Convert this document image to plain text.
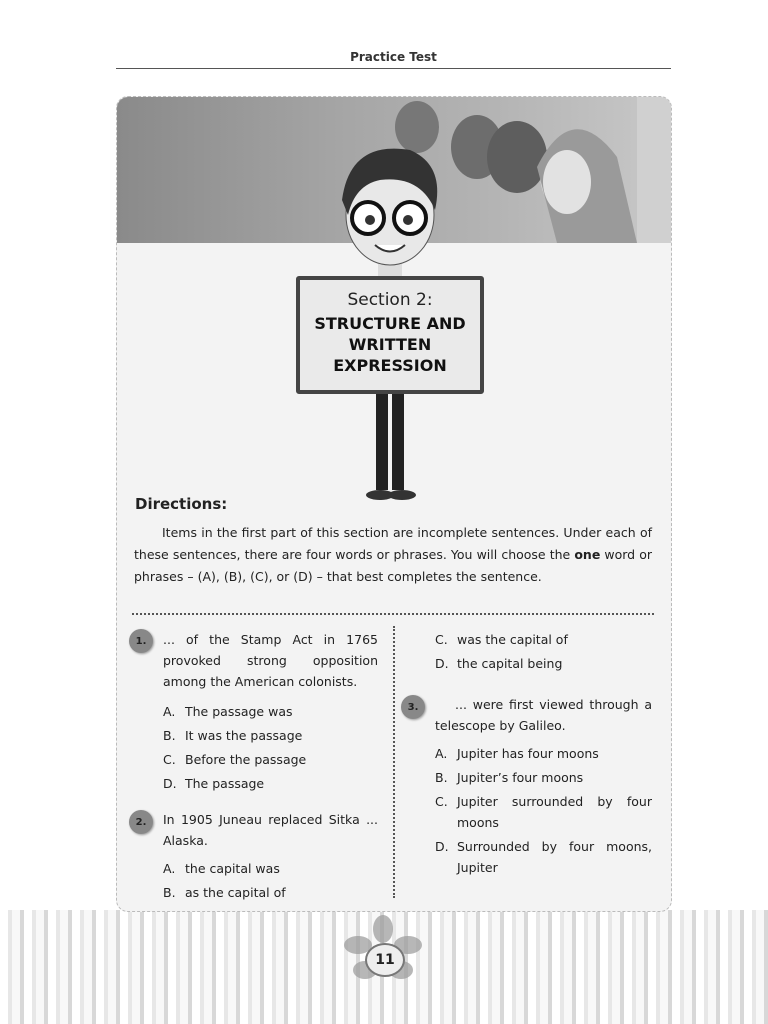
Practice Test
Section 2:
STRUCTURE AND
WRITTEN
EXPRESSION
Directions:
Items in the first part of this section are incomplete sentences. Under each of these sentences, there are four words or phrases. You will choose the one word or phrases – (A), (B), (C), or (D) – that best completes the sentence.
1.	... of the Stamp Act in 1765 provoked strong opposition among the American colonists.
A. The passage was
B. It was the passage
C. Before the passage
D. The passage
2.	In 1905 Juneau replaced Sitka ... Alaska.
A. the capital was
B. as the capital of
C. was the capital of
D. the capital being
3.	... were first viewed through a telescope by Galileo.
A. Jupiter has four moons
B. Jupiter’s four moons
C. Jupiter surrounded by four moons
D. Surrounded by four moons, Jupiter
11
